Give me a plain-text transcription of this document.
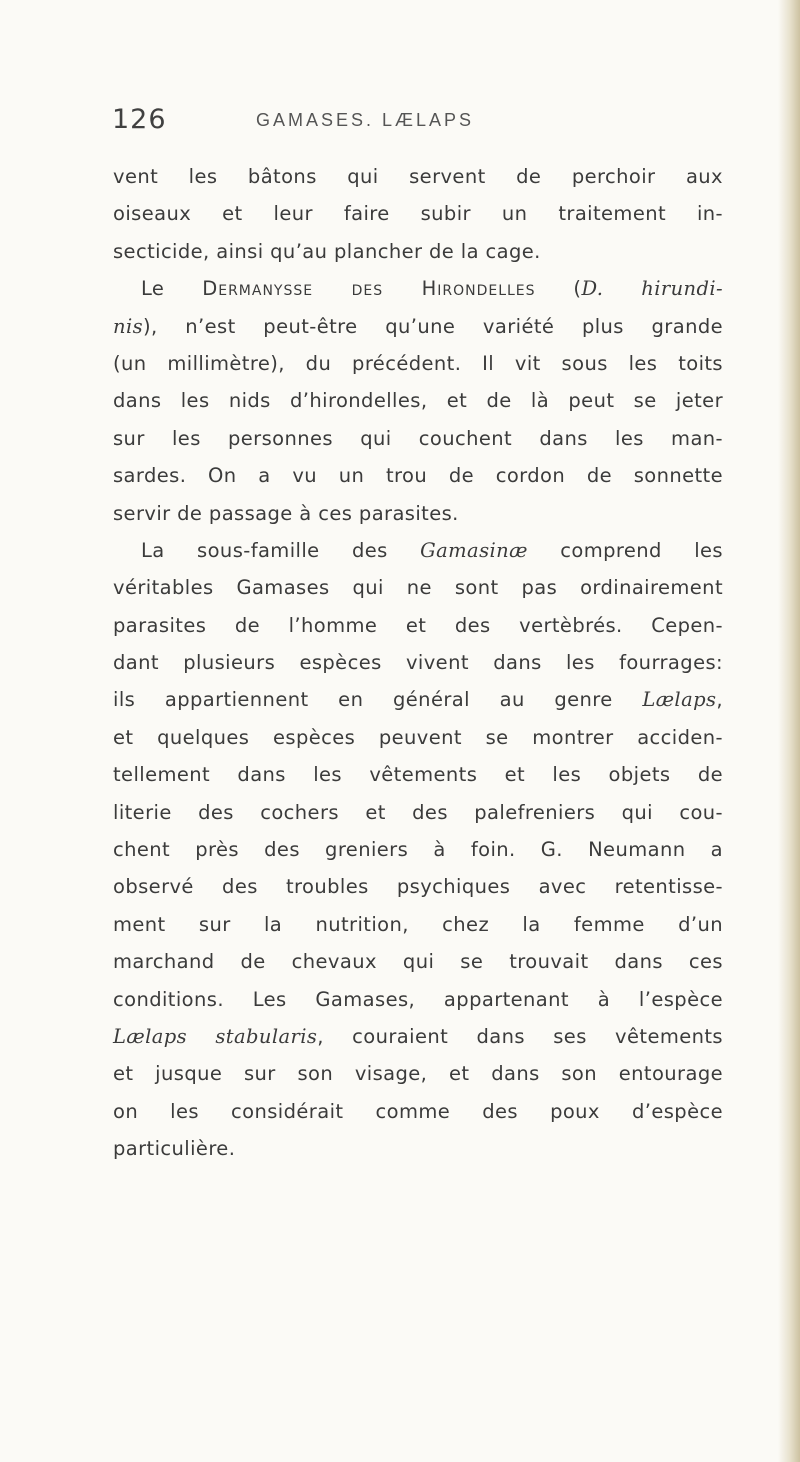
126	GAMASES. LÆLAPS
vent les bâtons qui servent de perchoir aux
oiseaux et leur faire subir un traitement in-
secticide, ainsi qu’au plancher de la cage.
Le Dermanysse des Hirondelles (D. hirundi-
nis), n’est peut-être qu’une variété plus grande
(un millimètre), du précédent. Il vit sous les toits
dans les nids d’hirondelles, et de là peut se jeter
sur les personnes qui couchent dans les man-
sardes. On a vu un trou de cordon de sonnette
servir de passage à ces parasites.
La sous-famille des Gamasinæ comprend les
véritables Gamases qui ne sont pas ordinairement
parasites de l’homme et des vertèbrés. Cepen-
dant plusieurs espèces vivent dans les fourrages:
ils appartiennent en général au genre Lælaps,
et quelques espèces peuvent se montrer acciden-
tellement dans les vêtements et les objets de
literie des cochers et des palefreniers qui cou-
chent près des greniers à foin. G. Neumann a
observé des troubles psychiques avec retentisse-
ment sur la nutrition, chez la femme d’un
marchand de chevaux qui se trouvait dans ces
conditions. Les Gamases, appartenant à l’espèce
Lælaps stabularis, couraient dans ses vêtements
et jusque sur son visage, et dans son entourage
on les considérait comme des poux d’espèce
particulière.
